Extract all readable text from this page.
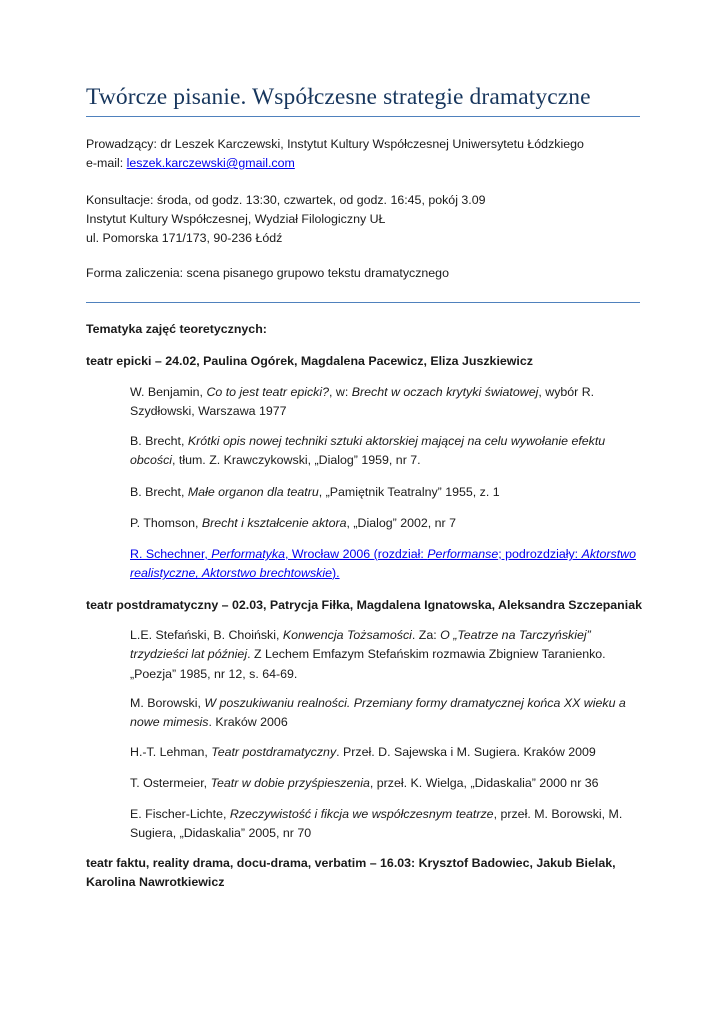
Twórcze pisanie. Współczesne strategie dramatyczne
Prowadzący: dr Leszek Karczewski, Instytut Kultury Współczesnej Uniwersytetu Łódzkiego
e-mail: leszek.karczewski@gmail.com
Konsultacje: środa, od godz. 13:30, czwartek, od godz. 16:45, pokój 3.09
Instytut Kultury Współczesnej, Wydział Filologiczny UŁ
ul. Pomorska 171/173, 90-236 Łódź
Forma zaliczenia: scena pisanego grupowo tekstu dramatycznego
Tematyka zajęć teoretycznych:
teatr epicki – 24.02, Paulina Ogórek, Magdalena Pacewicz, Eliza Juszkiewicz
W. Benjamin, Co to jest teatr epicki?, w: Brecht w oczach krytyki światowej, wybór R. Szydłowski, Warszawa 1977
B. Brecht, Krótki opis nowej techniki sztuki aktorskiej mającej na celu wywołanie efektu obcości, tłum. Z. Krawczykowski, „Dialog” 1959, nr 7.
B. Brecht, Małe organon dla teatru, „Pamiętnik Teatralny” 1955, z. 1
P. Thomson, Brecht i kształcenie aktora, „Dialog” 2002, nr 7
R. Schechner, Performatyka, Wrocław 2006 (rozdział: Performanse; podrozdziały: Aktorstwo realistyczne, Aktorstwo brechtowskie).
teatr postdramatyczny – 02.03, Patrycja Fiłka, Magdalena Ignatowska, Aleksandra Szczepaniak
L.E. Stefański, B. Choiński, Konwencja Tożsamości. Za: O „Teatrze na Tarczyńskiej” trzydzieści lat później. Z Lechem Emfazym Stefańskim rozmawia Zbigniew Taranienko. „Poezja” 1985, nr 12, s. 64-69.
M. Borowski, W poszukiwaniu realności. Przemiany formy dramatycznej końca XX wieku a nowe mimesis. Kraków 2006
H.-T. Lehman, Teatr postdramatyczny. Przeł. D. Sajewska i M. Sugiera. Kraków 2009
T. Ostermeier, Teatr w dobie przyśpieszenia, przeł. K. Wielga, „Didaskalia” 2000 nr 36
E. Fischer-Lichte, Rzeczywistość i fikcja we współczesnym teatrze, przeł. M. Borowski, M. Sugiera, „Didaskalia” 2005, nr 70
teatr faktu, reality drama, docu-drama, verbatim – 16.03: Krysztof Badowiec, Jakub Bielak, Karolina Nawrotkiewicz
